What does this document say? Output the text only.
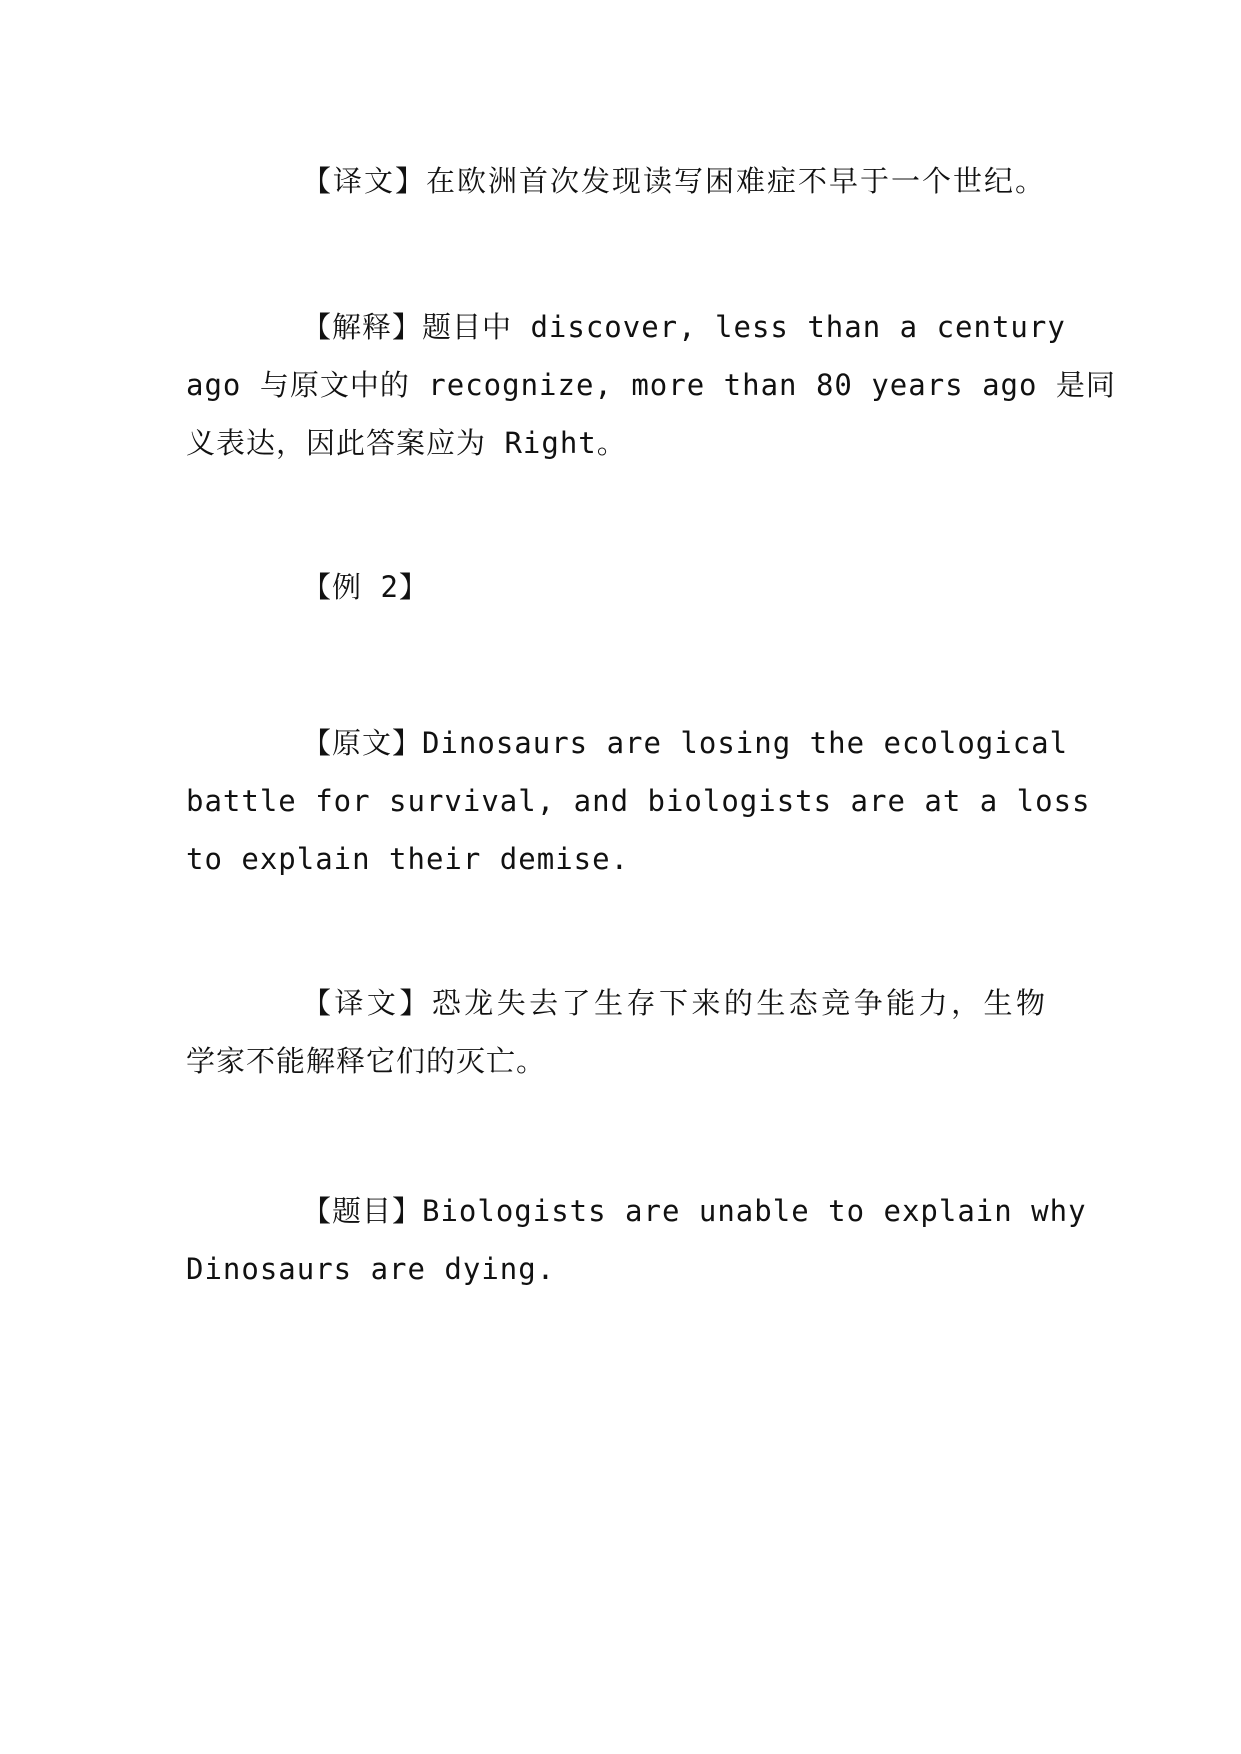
【译文】在欧洲首次发现读写困难症不早于一个世纪。
【解释】题目中 discover, less than a century
ago 与原文中的 recognize, more than 80 years ago 是同
义表达，因此答案应为 Right。
【例 2】
【原文】Dinosaurs are losing the ecological
battle for survival, and biologists are at a loss
to explain their demise.
【译文】恐龙失去了生存下来的生态竞争能力，生物
学家不能解释它们的灭亡。
【题目】Biologists are unable to explain why
Dinosaurs are dying.
